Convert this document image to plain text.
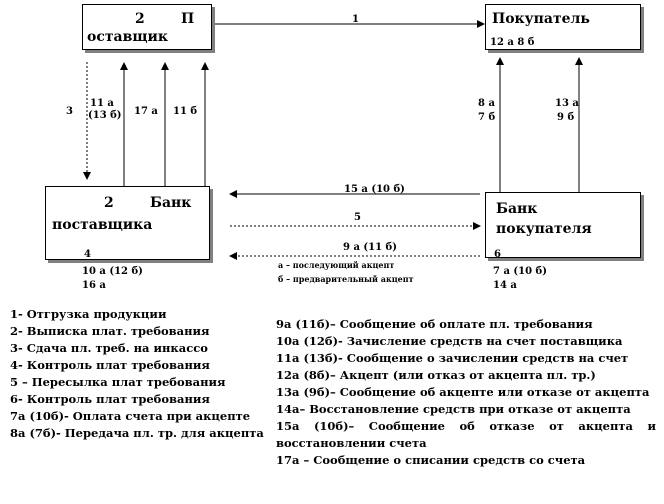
2	П
оставщик
Покупатель
12 а 8 б
2	Банк
поставщика
4
Банк
покупателя
6
1
3
11 а
(13 б) 17 а 11 б
8 а
7 б
13 а
9 б
15 а (10 б)
5
9 а (11 б)
а – последующий акцепт
б – предварительный акцепт
10 а (12 б)
16 а
7 а (10 б)
14 а
1- Отгрузка продукции
2- Выписка плат. требования
3- Сдача пл. треб. на инкассо
4- Контроль плат требования
5 – Пересылка плат требования
6- Контроль плат требования
7а (10б)- Оплата счета при акцепте
8а (7б)- Передача пл. тр. для акцепта
9а (11б)– Сообщение об оплате пл. требования
10а (12б)- Зачисление средств на счет поставщика
11а (13б)- Сообщение о зачислении средств на счет
12а (8б)– Акцепт (или отказ от акцепта пл. тр.)
13а (9б)– Сообщение об акцепте или отказе от акцепта
14а– Восстановление средств при отказе от акцепта
15а (10б)– Сообщение об отказе от акцепта и восстановлении счета
17а – Сообщение о списании средств со счета
